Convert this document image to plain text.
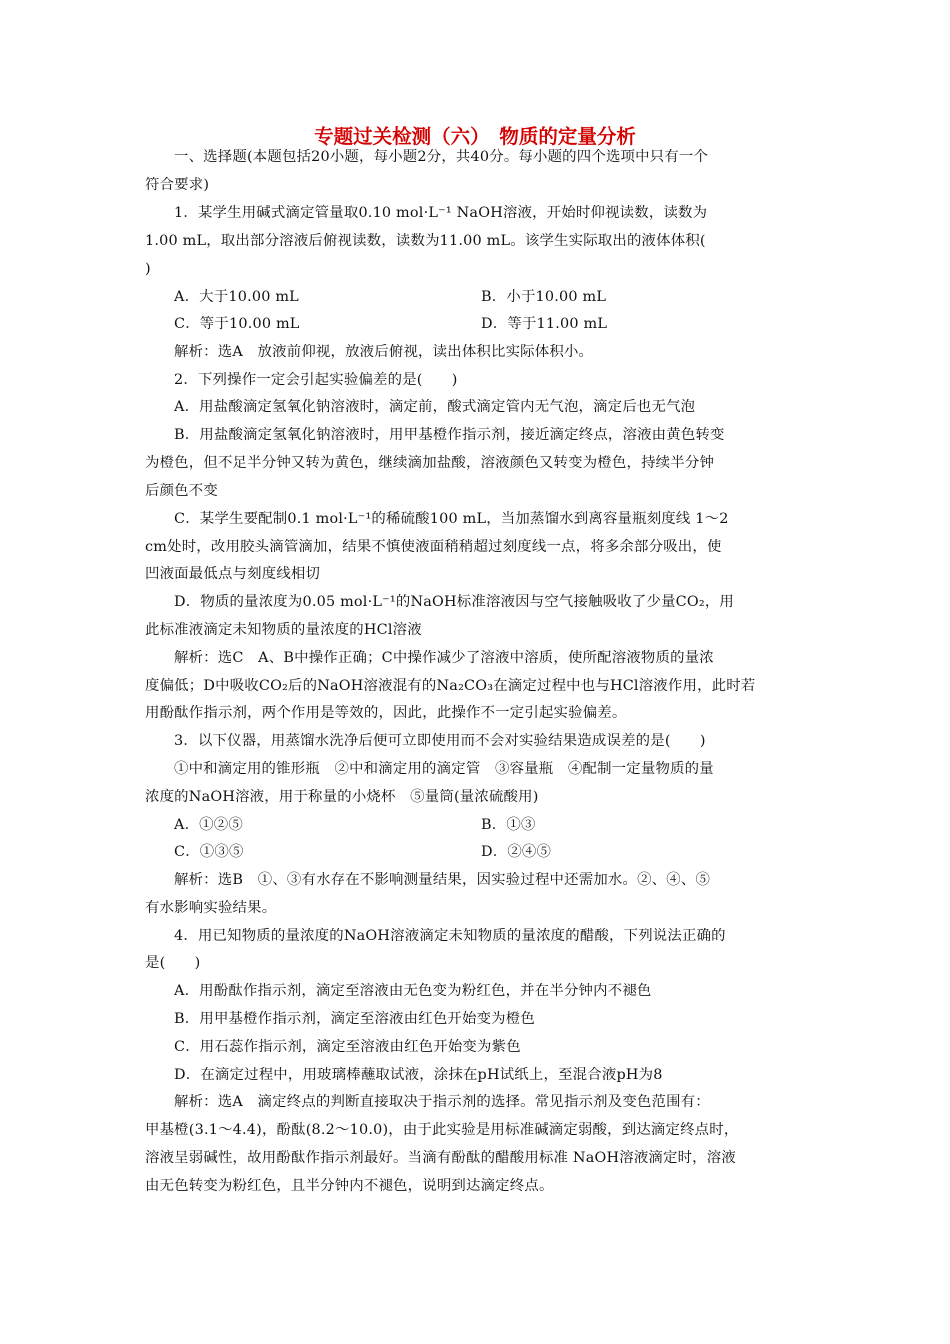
专题过关检测（六）　物质的定量分析
一、选择题(本题包括20小题，每小题2分，共40分。每小题的四个选项中只有一个
符合要求)
1．某学生用碱式滴定管量取0.10 mol·L⁻¹ NaOH溶液，开始时仰视读数，读数为
1.00 mL，取出部分溶液后俯视读数，读数为11.00 mL。该学生实际取出的液体体积(
)
A．大于10.00 mL	B．小于10.00 mL
C．等于10.00 mL	D．等于11.00 mL
解析：选A　放液前仰视，放液后俯视，读出体积比实际体积小。
2．下列操作一定会引起实验偏差的是(　　)
A．用盐酸滴定氢氧化钠溶液时，滴定前，酸式滴定管内无气泡，滴定后也无气泡
B．用盐酸滴定氢氧化钠溶液时，用甲基橙作指示剂，接近滴定终点，溶液由黄色转变
为橙色，但不足半分钟又转为黄色，继续滴加盐酸，溶液颜色又转变为橙色，持续半分钟
后颜色不变
C．某学生要配制0.1 mol·L⁻¹的稀硫酸100 mL，当加蒸馏水到离容量瓶刻度线 1～2
cm处时，改用胶头滴管滴加，结果不慎使液面稍稍超过刻度线一点，将多余部分吸出，使
凹液面最低点与刻度线相切
D．物质的量浓度为0.05 mol·L⁻¹的NaOH标准溶液因与空气接触吸收了少量CO₂，用
此标准液滴定未知物质的量浓度的HCl溶液
解析：选C　A、B中操作正确；C中操作减少了溶液中溶质，使所配溶液物质的量浓
度偏低；D中吸收CO₂后的NaOH溶液混有的Na₂CO₃在滴定过程中也与HCl溶液作用，此时若
用酚酞作指示剂，两个作用是等效的，因此，此操作不一定引起实验偏差。
3．以下仪器，用蒸馏水洗净后便可立即使用而不会对实验结果造成误差的是(　　)
①中和滴定用的锥形瓶　②中和滴定用的滴定管　③容量瓶　④配制一定量物质的量
浓度的NaOH溶液，用于称量的小烧杯　⑤量筒(量浓硫酸用)
A．①②⑤	B．①③
C．①③⑤	D．②④⑤
解析：选B　①、③有水存在不影响测量结果，因实验过程中还需加水。②、④、⑤
有水影响实验结果。
4．用已知物质的量浓度的NaOH溶液滴定未知物质的量浓度的醋酸，下列说法正确的
是(　　)
A．用酚酞作指示剂，滴定至溶液由无色变为粉红色，并在半分钟内不褪色
B．用甲基橙作指示剂，滴定至溶液由红色开始变为橙色
C．用石蕊作指示剂，滴定至溶液由红色开始变为紫色
D．在滴定过程中，用玻璃棒蘸取试液，涂抹在pH试纸上，至混合液pH为8
解析：选A　滴定终点的判断直接取决于指示剂的选择。常见指示剂及变色范围有：
甲基橙(3.1～4.4)，酚酞(8.2～10.0)，由于此实验是用标准碱滴定弱酸，到达滴定终点时，
溶液呈弱碱性，故用酚酞作指示剂最好。当滴有酚酞的醋酸用标准 NaOH溶液滴定时，溶液
由无色转变为粉红色，且半分钟内不褪色，说明到达滴定终点。
